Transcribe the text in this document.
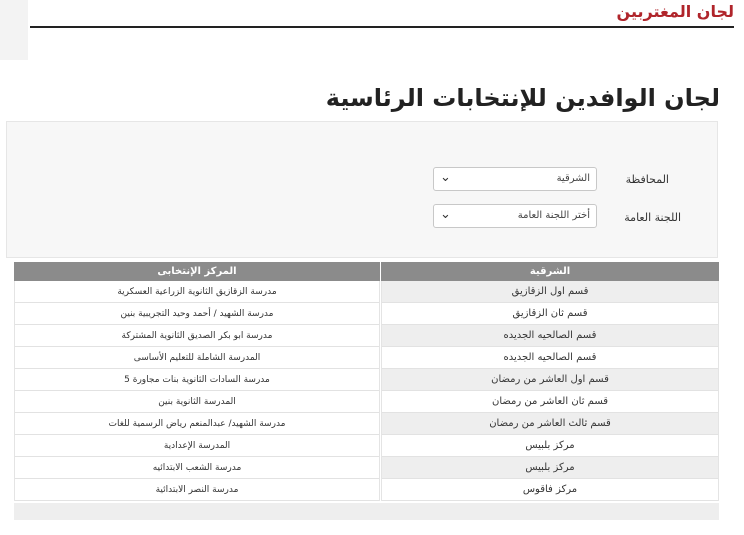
لجان المغتربين
لجان الوافدين للإنتخابات الرئاسية
المحافظة
الشرقية
⌄
اللجنة العامة
أختر اللجنة العامة
⌄
الشرقية
قسم اول الزقازيق
قسم ثان الزقازيق
قسم الصالحيه الجديده
قسم الصالحيه الجديده
قسم اول العاشر من رمضان
قسم ثان العاشر من رمضان
قسم ثالث العاشر من رمضان
مركز بلبيس
مركز بلبيس
مركز فاقوس
المركز الإنتخابى
مدرسة الزقازيق الثانوية الزراعية العسكرية
مدرسة الشهيد / أحمد وحيد التجريبية بنين
مدرسة ابو بكر الصديق الثانوية المشتركة
المدرسة الشاملة للتعليم الأساسى
مدرسة السادات الثانوية بنات مجاورة 5
المدرسة الثانوية بنين
مدرسة الشهيد/ عبدالمنعم رياض الرسمية للغات
المدرسة الإعدادية
مدرسة الشعب الابتدائيه
مدرسة النصر الابتدائية
